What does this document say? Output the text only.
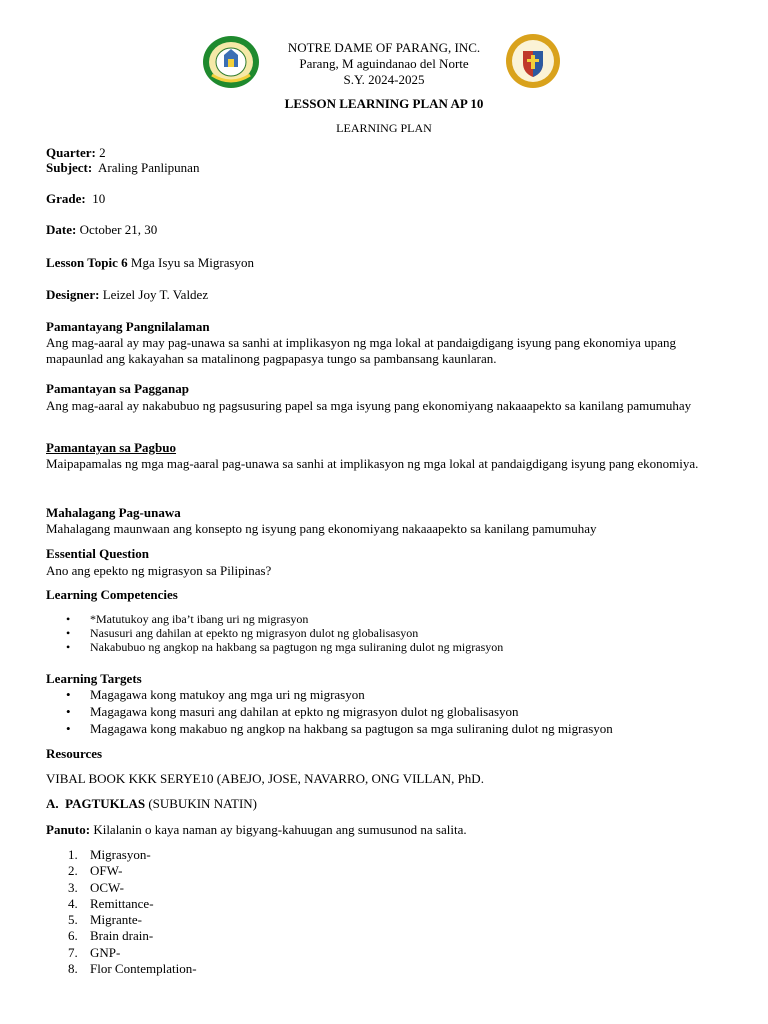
NOTRE DAME OF PARANG, INC.
Parang, M aguindanao del Norte
S.Y. 2024-2025
LESSON LEARNING PLAN AP 10
LEARNING PLAN
Quarter: 2
Subject:  Araling Panlipunan
Grade:  10
Date: October 21, 30
Lesson Topic 6 Mga Isyu sa Migrasyon
Designer: Leizel Joy T. Valdez
Pamantayang Pangnilalaman
Ang mag-aaral ay may pag-unawa sa sanhi at implikasyon ng mga lokal at pandaigdigang isyung pang ekonomiya upang mapaunlad ang kakayahan sa matalinong pagpapasya tungo sa pambansang kaunlaran.
Pamantayan sa Pagganap
Ang mag-aaral ay nakabubuo ng pagsusuring papel sa mga isyung pang ekonomiyang nakaaapekto sa kanilang pamumuhay
Pamantayan sa Pagbuo
Maipapamalas ng mga mag-aaral pag-unawa sa sanhi at implikasyon ng mga lokal at pandaigdigang isyung pang ekonomiya.
Mahalagang Pag-unawa
Mahalagang maunwaan ang konsepto ng isyung pang ekonomiyang nakaaapekto sa kanilang pamumuhay
Essential Question
Ano ang epekto ng migrasyon sa Pilipinas?
Learning Competencies
• *Matutukoy ang iba’t ibang uri ng migrasyon
• Nasusuri ang dahilan at epekto ng migrasyon dulot ng globalisasyon
• Nakabubuo ng angkop na hakbang sa pagtugon ng mga suliraning dulot ng migrasyon
Learning Targets
• Magagawa kong matukoy ang mga uri ng migrasyon
• Magagawa kong masuri ang dahilan at epkto ng migrasyon dulot ng globalisasyon
• Magagawa kong makabuo ng angkop na hakbang sa pagtugon sa mga suliraning dulot ng migrasyon
Resources
VIBAL BOOK KKK SERYE10 (ABEJO, JOSE, NAVARRO, ONG VILLAN, PhD.
A.  PAGTUKLAS (SUBUKIN NATIN)
Panuto: Kilalanin o kaya naman ay bigyang-kahuugan ang sumusunod na salita.
1. Migrasyon-
2. OFW-
3. OCW-
4. Remittance-
5. Migrante-
6. Brain drain-
7. GNP-
8. Flor Contemplation-
